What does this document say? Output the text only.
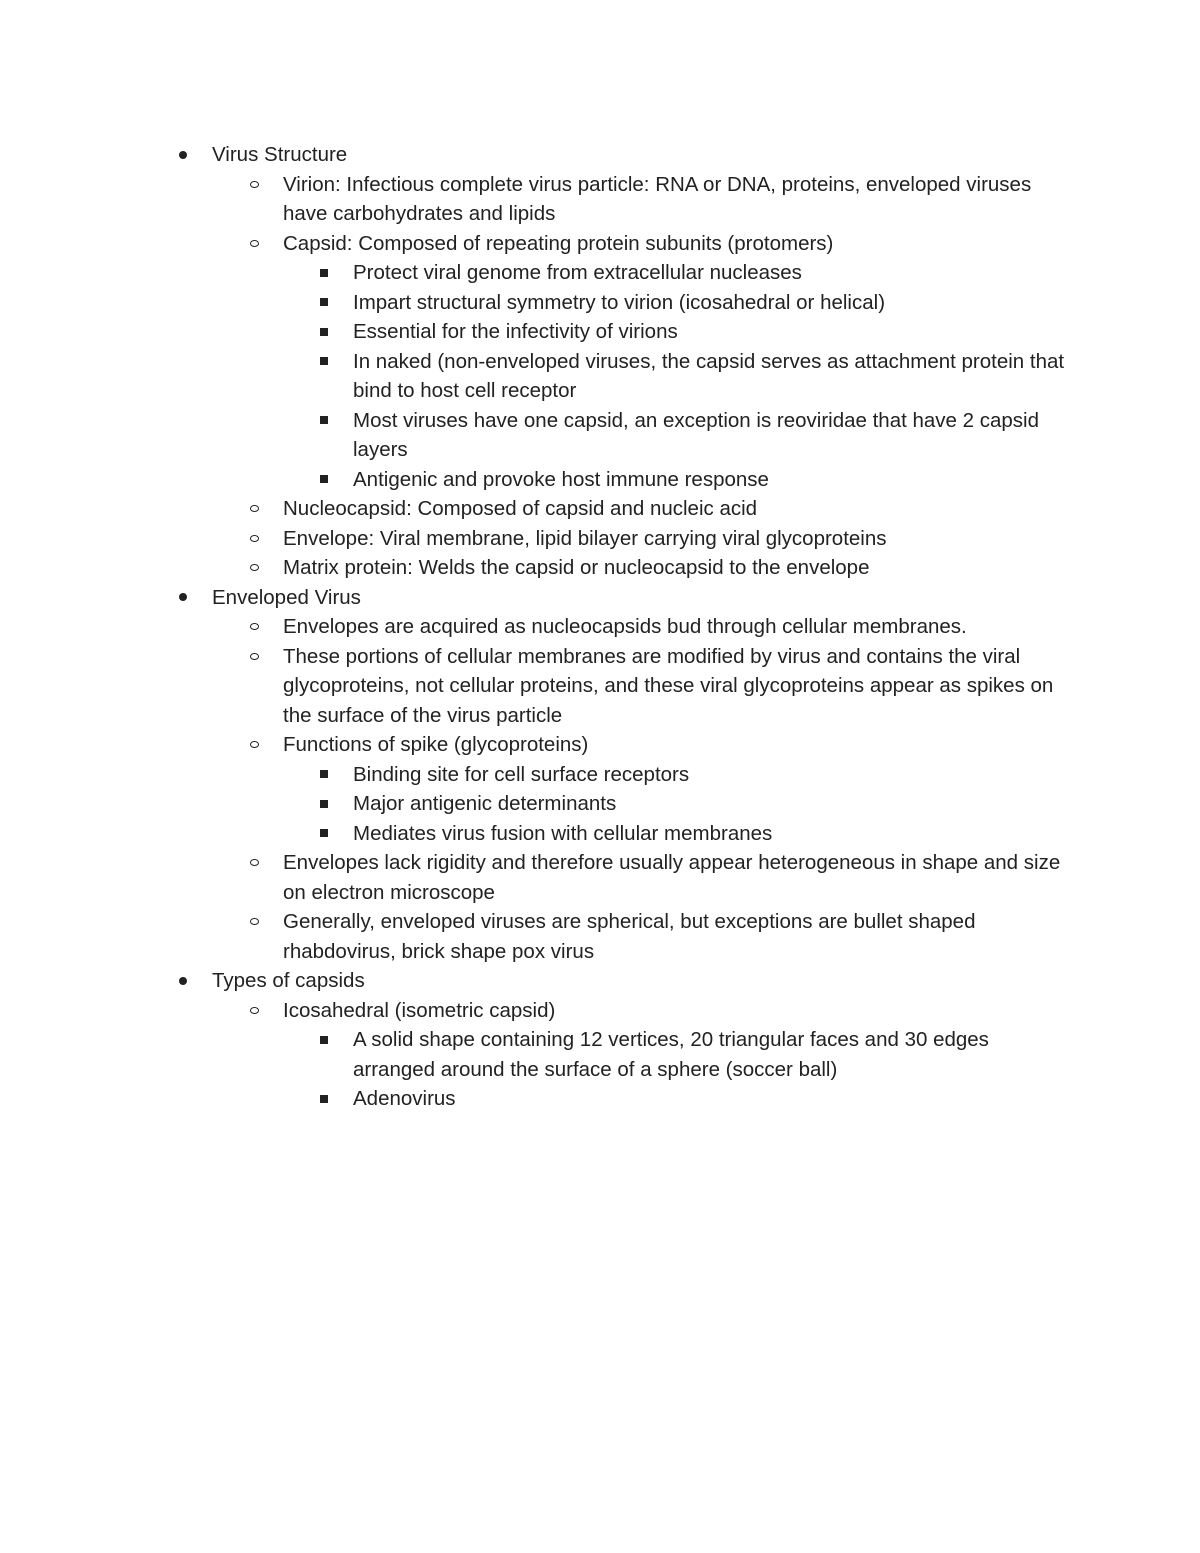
Virus Structure
Virion: Infectious complete virus particle: RNA or DNA, proteins, enveloped viruses have carbohydrates and lipids
Capsid: Composed of repeating protein subunits (protomers)
Protect viral genome from extracellular nucleases
Impart structural symmetry to virion (icosahedral or helical)
Essential for the infectivity of virions
In naked (non-enveloped viruses, the capsid serves as attachment protein that bind to host cell receptor
Most viruses have one capsid, an exception is reoviridae that have 2 capsid layers
Antigenic and provoke host immune response
Nucleocapsid: Composed of capsid and nucleic acid
Envelope: Viral membrane, lipid bilayer carrying viral glycoproteins
Matrix protein: Welds the capsid or nucleocapsid to the envelope
Enveloped Virus
Envelopes are acquired as nucleocapsids bud through cellular membranes.
These portions of cellular membranes are modified by virus and contains the viral glycoproteins, not cellular proteins, and these viral glycoproteins appear as spikes on the surface of the virus particle
Functions of spike (glycoproteins)
Binding site for cell surface receptors
Major antigenic determinants
Mediates virus fusion with cellular membranes
Envelopes lack rigidity and therefore usually appear heterogeneous in shape and size on electron microscope
Generally, enveloped viruses are spherical, but exceptions are bullet shaped rhabdovirus, brick shape pox virus
Types of capsids
Icosahedral (isometric capsid)
A solid shape containing 12 vertices, 20 triangular faces and 30 edges arranged around the surface of a sphere (soccer ball)
Adenovirus
